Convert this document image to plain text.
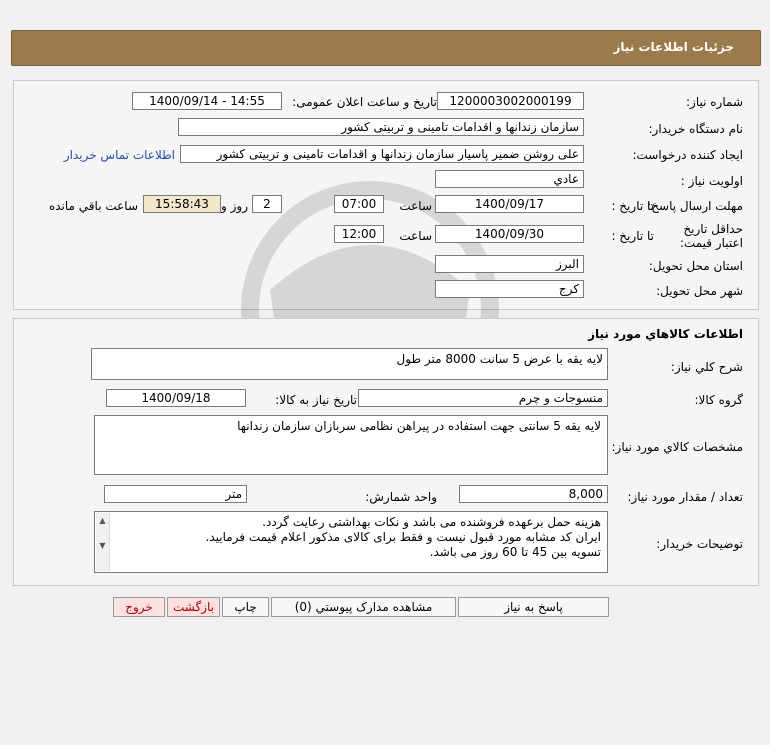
جزئیات اطلاعات نیاز
شماره نیاز:
1200003002000199
تاریخ و ساعت اعلان عمومی:
1400/09/14 - 14:55
نام دستگاه خریدار:
سازمان زندانها و اقدامات تامینی و تربیتی کشور
ایجاد کننده درخواست:
علی روشن ضمیر پاسیار سازمان زندانها و اقدامات تامینی و تربیتی کشور
اطلاعات تماس خریدار
اولویت نیاز :
عادي
مهلت ارسال پاسخ:
تا تاریخ :
1400/09/17
ساعت
07:00
2
روز و
15:58:43
ساعت باقي مانده
حداقل تاریخ اعتبار قیمت:
تا تاریخ :
1400/09/30
ساعت
12:00
استان محل تحویل:
البرز
شهر محل تحویل:
کرج
اطلاعات کالاهاي مورد نیاز
شرح کلي نیاز:
لایه یقه با عرض 5 سانت 8000 متر طول
گروه کالا:
منسوجات و چرم
تاریخ نیاز به کالا:
1400/09/18
مشخصات کالاي مورد نیاز:
لایه یقه 5 سانتی جهت استفاده در پیراهن نظامی سربازان سازمان زندانها
تعداد / مقدار مورد نیاز:
8,000
واحد شمارش:
متر
توضیحات خریدار:
▲
▼
هزینه حمل برعهده فروشنده می باشد و نکات بهداشتی رعایت گردد.
ایران کد مشابه مورد قبول نیست و فقط برای کالای مذکور اعلام قیمت فرمایید.
تسویه بین 45 تا 60 روز می باشد.
پاسخ به نیاز
مشاهده مدارک پیوستي (0)
چاپ
بازگشت
خروج
